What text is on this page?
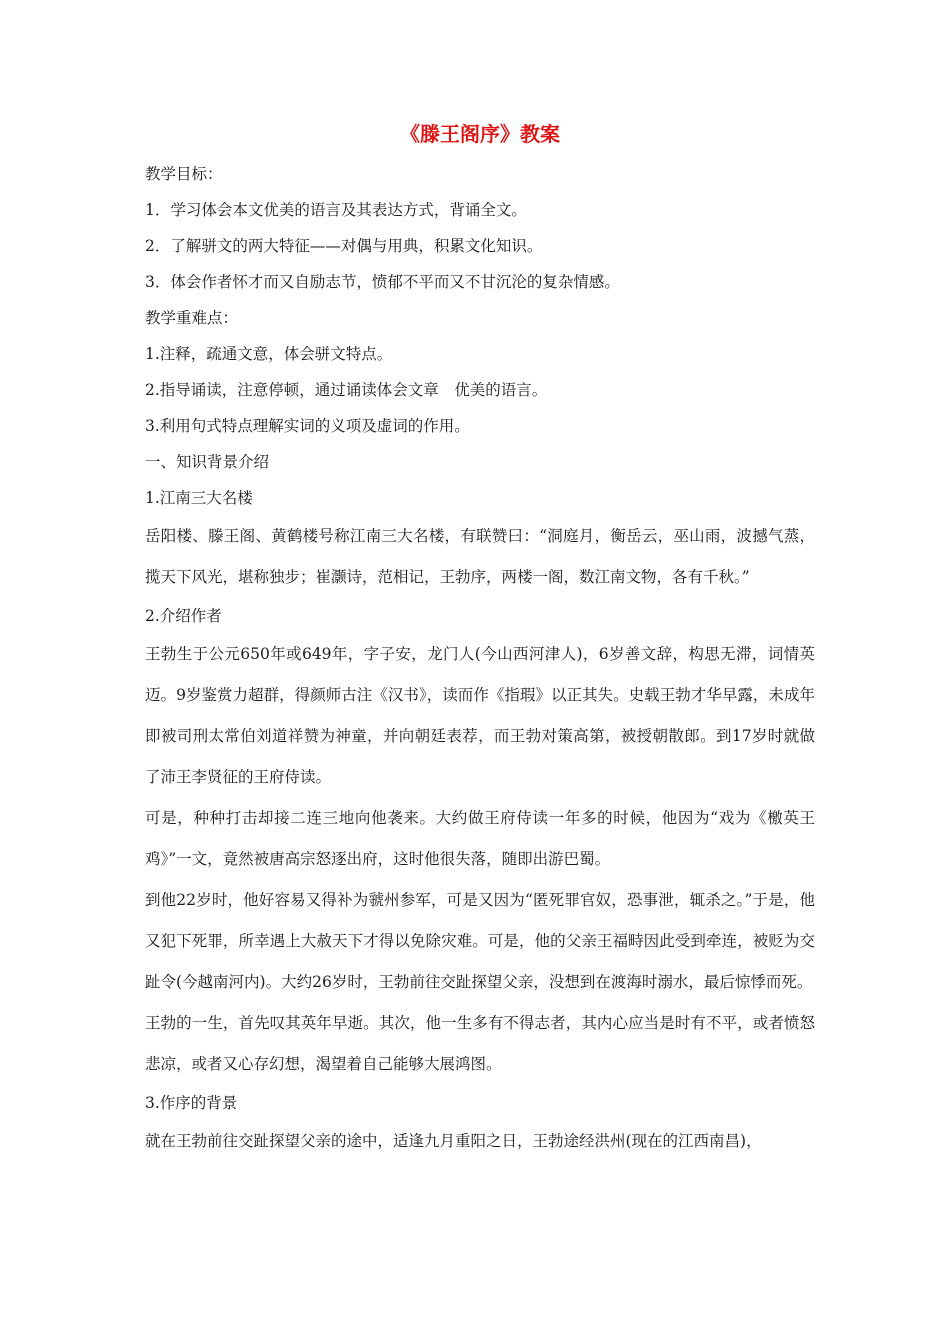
《滕王阁序》教案

教学目标：

1．学习体会本文优美的语言及其表达方式，背诵全文。

2．了解骈文的两大特征——对偶与用典，积累文化知识。

3．体会作者怀才而又自励志节，愤郁不平而又不甘沉沦的复杂情感。

教学重难点：

1.注释，疏通文意，体会骈文特点。

2.指导诵读，注意停顿，通过诵读体会文章　优美的语言。

3.利用句式特点理解实词的义项及虚词的作用。

一、知识背景介绍

1.江南三大名楼

岳阳楼、滕王阁、黄鹤楼号称江南三大名楼，有联赞曰：“洞庭月，衡岳云，巫山雨，波撼气蒸，揽天下风光，堪称独步；崔灏诗，范相记，王勃序，两楼一阁，数江南文物，各有千秋。”

2.介绍作者

王勃生于公元650年或649年，字子安，龙门人(今山西河津人)，6岁善文辞，构思无滞，词情英迈。9岁鉴赏力超群，得颜师古注《汉书》，读而作《指瑕》以正其失。史载王勃才华早露，未成年即被司刑太常伯刘道祥赞为神童，并向朝廷表荐，而王勃对策高第，被授朝散郎。到17岁时就做了沛王李贤征的王府侍读。

可是，种种打击却接二连三地向他袭来。大约做王府侍读一年多的时候，他因为“戏为《檄英王鸡》”一文，竟然被唐高宗怒逐出府，这时他很失落，随即出游巴蜀。

到他22岁时，他好容易又得补为虢州参军，可是又因为“匿死罪官奴，恐事泄，辄杀之。”于是，他又犯下死罪，所幸遇上大赦天下才得以免除灾难。可是，他的父亲王福畤因此受到牵连，被贬为交趾令(今越南河内)。大约26岁时，王勃前往交趾探望父亲，没想到在渡海时溺水，最后惊悸而死。

王勃的一生，首先叹其英年早逝。其次，他一生多有不得志者，其内心应当是时有不平，或者愤怒悲凉，或者又心存幻想，渴望着自己能够大展鸿图。

3.作序的背景

就在王勃前往交趾探望父亲的途中，适逢九月重阳之日，王勃途经洪州(现在的江西南昌)，
